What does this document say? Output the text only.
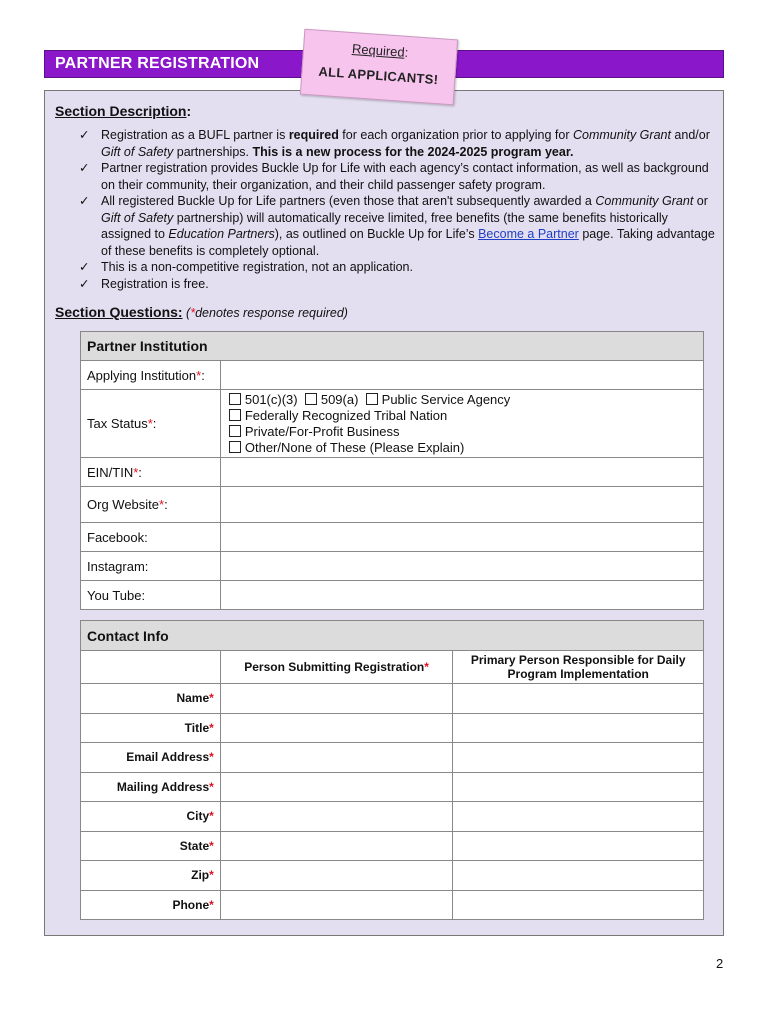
PARTNER REGISTRATION
Section Description:
✓ Registration as a BUFL partner is required for each organization prior to applying for Community Grant and/or Gift of Safety partnerships. This is a new process for the 2024-2025 program year.
✓ Partner registration provides Buckle Up for Life with each agency’s contact information, as well as background on their community, their organization, and their child passenger safety program.
✓ All registered Buckle Up for Life partners (even those that aren't subsequently awarded a Community Grant or Gift of Safety partnership) will automatically receive limited, free benefits (the same benefits historically assigned to Education Partners), as outlined on Buckle Up for Life’s Become a Partner page. Taking advantage of these benefits is completely optional.
✓ This is a non-competitive registration, not an application.
✓ Registration is free.
Section Questions: (*denotes response required)
Partner Institution	
Applying Institution*:	
Tax Status*:	501(c)(3) 509(a) Public Service Agency
Federally Recognized Tribal Nation
Private/For-Profit Business
Other/None of These (Please Explain)

EIN/TIN*:	
Org Website*:	
Facebook:	
Instagram:	
You Tube:	
Contact Info		
	Person Submitting Registration*	Primary Person Responsible for Daily Program Implementation
Name*		
Title*		
Email Address*		
Mailing Address*		
City*		
State*		
Zip*		
Phone*		
Required:
ALL APPLICANTS!
2
